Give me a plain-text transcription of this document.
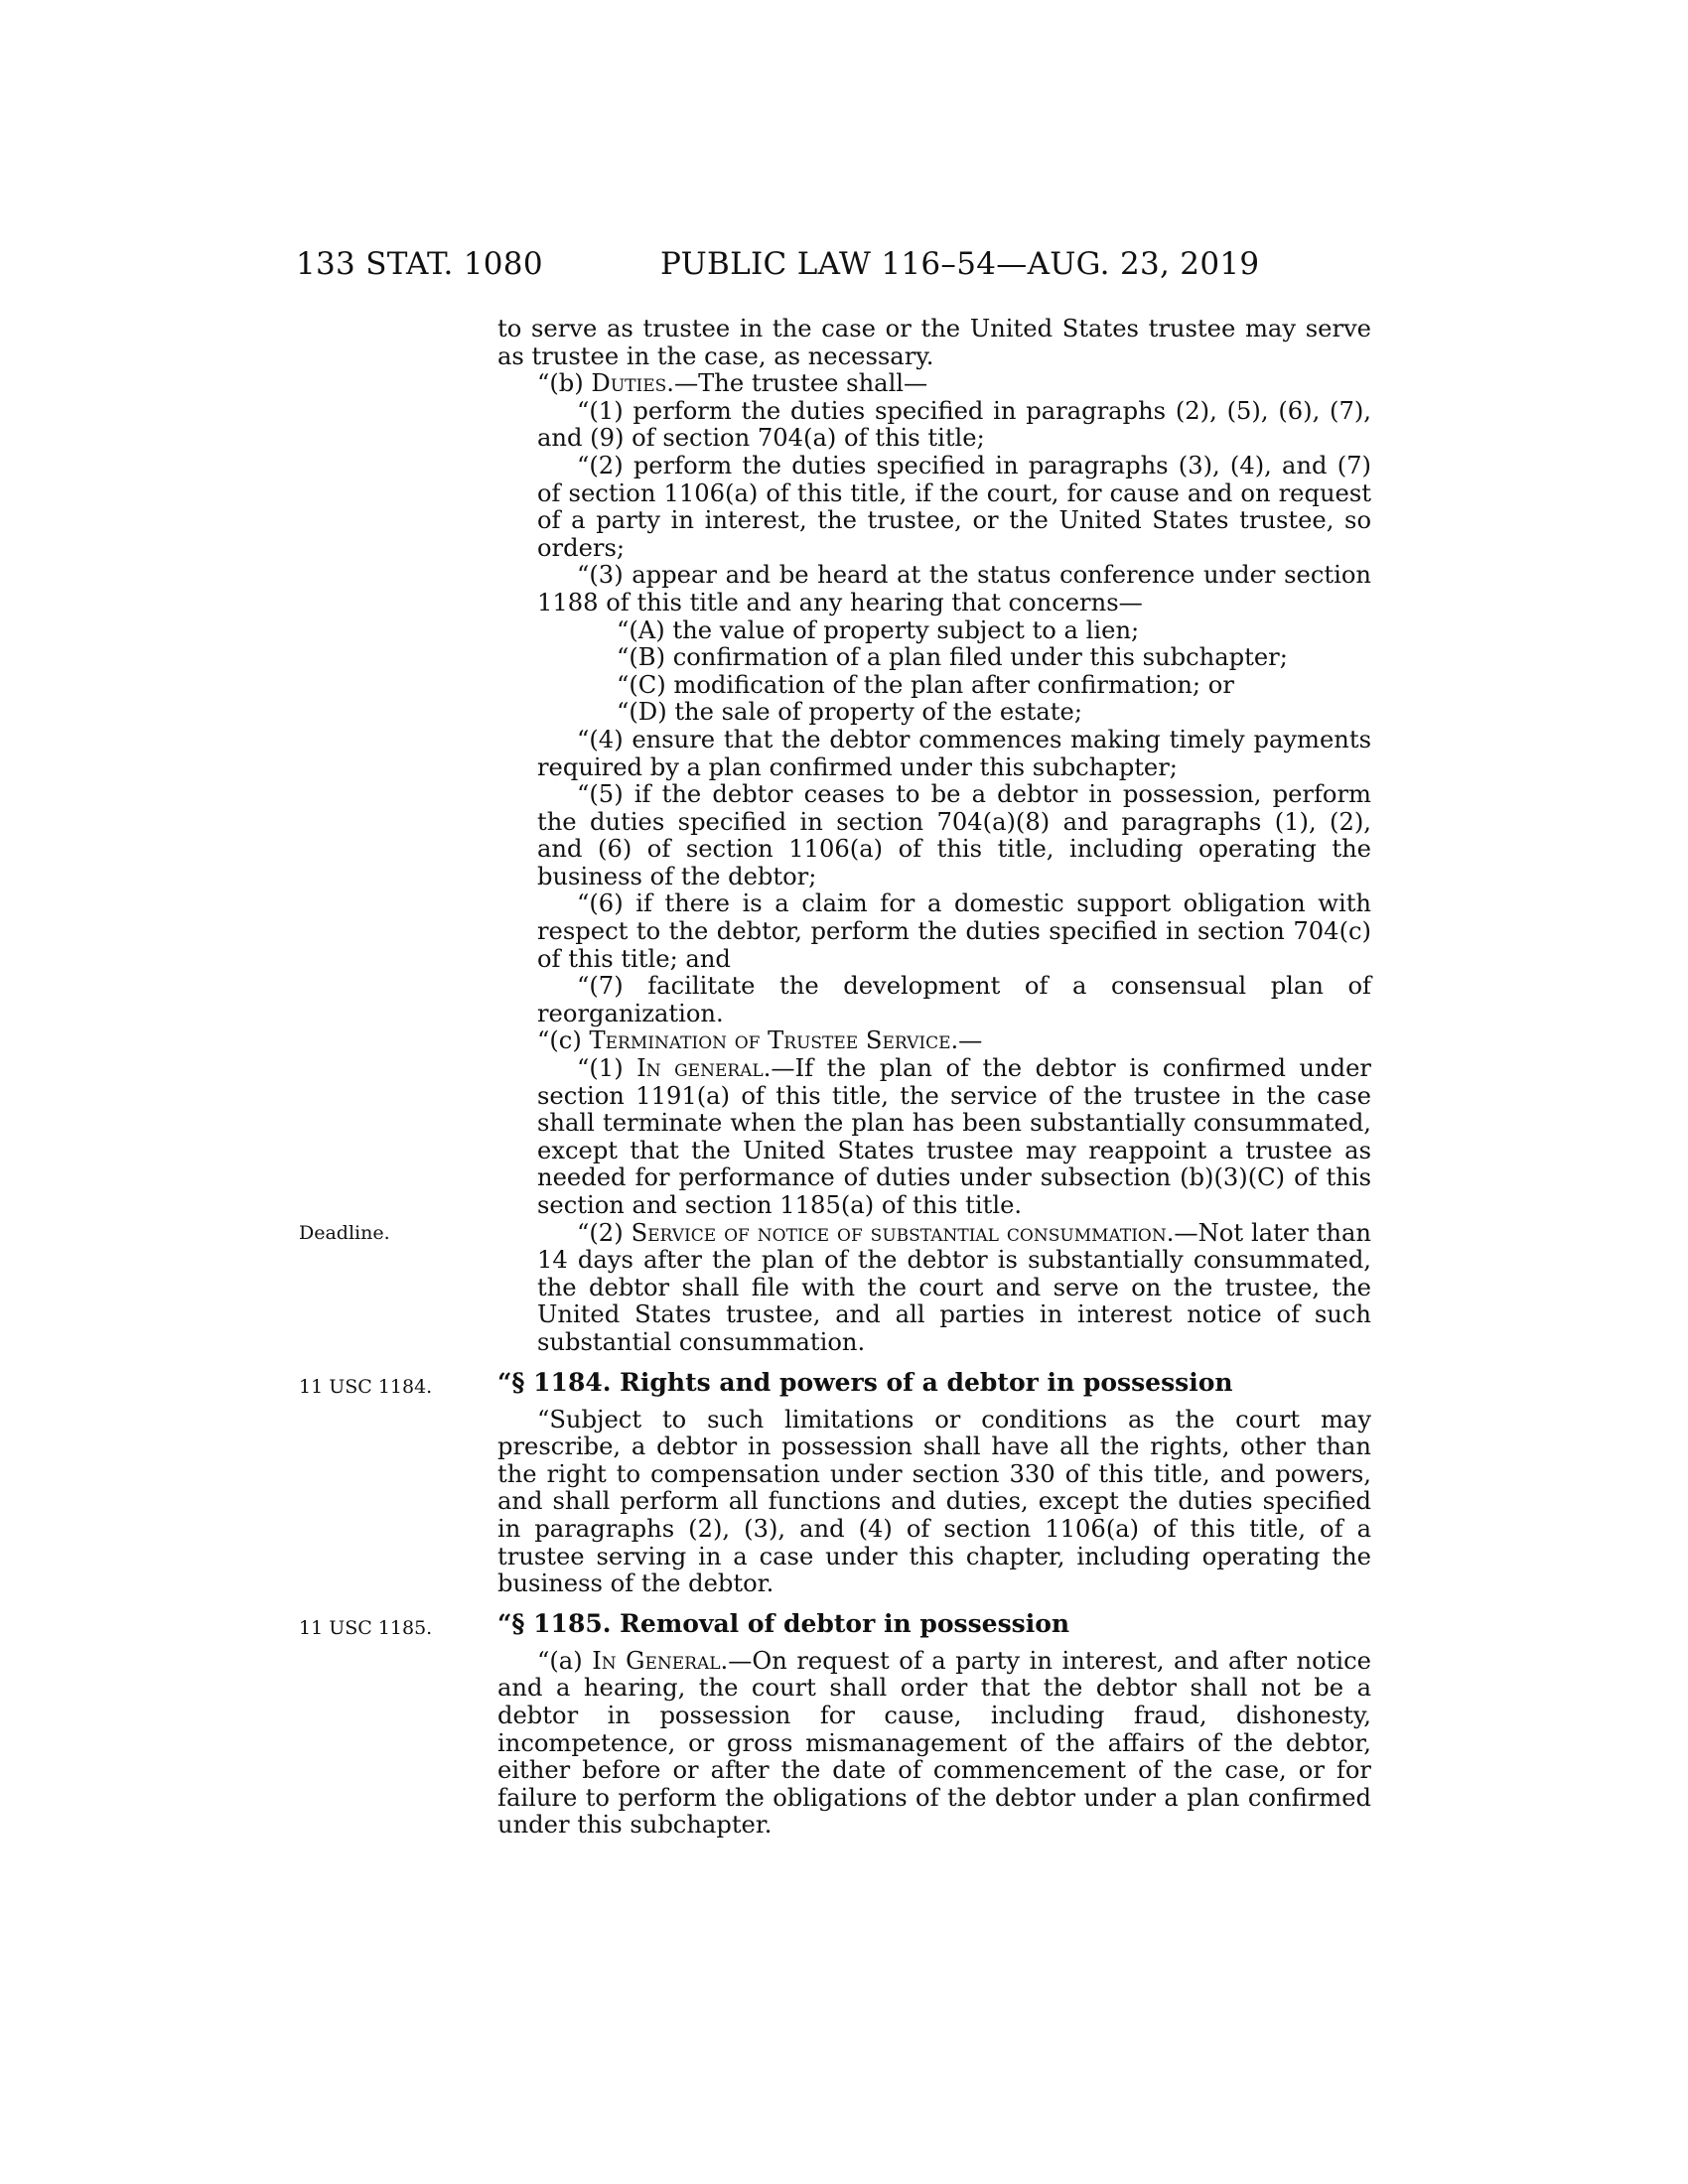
133 STAT. 1080	PUBLIC LAW 116–54—AUG. 23, 2019

to serve as trustee in the case or the United States trustee may serve as trustee in the case, as necessary.

“(b) Duties.—The trustee shall—

“(1) perform the duties specified in paragraphs (2), (5), (6), (7), and (9) of section 704(a) of this title;

“(2) perform the duties specified in paragraphs (3), (4), and (7) of section 1106(a) of this title, if the court, for cause and on request of a party in interest, the trustee, or the United States trustee, so orders;

“(3) appear and be heard at the status conference under section 1188 of this title and any hearing that concerns—

“(A) the value of property subject to a lien;

“(B) confirmation of a plan filed under this subchapter;

“(C) modification of the plan after confirmation; or

“(D) the sale of property of the estate;

“(4) ensure that the debtor commences making timely payments required by a plan confirmed under this subchapter;

“(5) if the debtor ceases to be a debtor in possession, perform the duties specified in section 704(a)(8) and paragraphs (1), (2), and (6) of section 1106(a) of this title, including operating the business of the debtor;

“(6) if there is a claim for a domestic support obligation with respect to the debtor, perform the duties specified in section 704(c) of this title; and

“(7) facilitate the development of a consensual plan of reorganization.

“(c) Termination of Trustee Service.—

“(1) In general.—If the plan of the debtor is confirmed under section 1191(a) of this title, the service of the trustee in the case shall terminate when the plan has been substantially consummated, except that the United States trustee may reappoint a trustee as needed for performance of duties under subsection (b)(3)(C) of this section and section 1185(a) of this title.

Deadline.	“(2) Service of notice of substantial consummation.—Not later than 14 days after the plan of the debtor is substantially consummated, the debtor shall file with the court and serve on the trustee, the United States trustee, and all parties in interest notice of such substantial consummation.

11 USC 1184.	“§ 1184. Rights and powers of a debtor in possession

“Subject to such limitations or conditions as the court may prescribe, a debtor in possession shall have all the rights, other than the right to compensation under section 330 of this title, and powers, and shall perform all functions and duties, except the duties specified in paragraphs (2), (3), and (4) of section 1106(a) of this title, of a trustee serving in a case under this chapter, including operating the business of the debtor.

11 USC 1185.	“§ 1185. Removal of debtor in possession

“(a) In General.—On request of a party in interest, and after notice and a hearing, the court shall order that the debtor shall not be a debtor in possession for cause, including fraud, dishonesty, incompetence, or gross mismanagement of the affairs of the debtor, either before or after the date of commencement of the case, or for failure to perform the obligations of the debtor under a plan confirmed under this subchapter.
